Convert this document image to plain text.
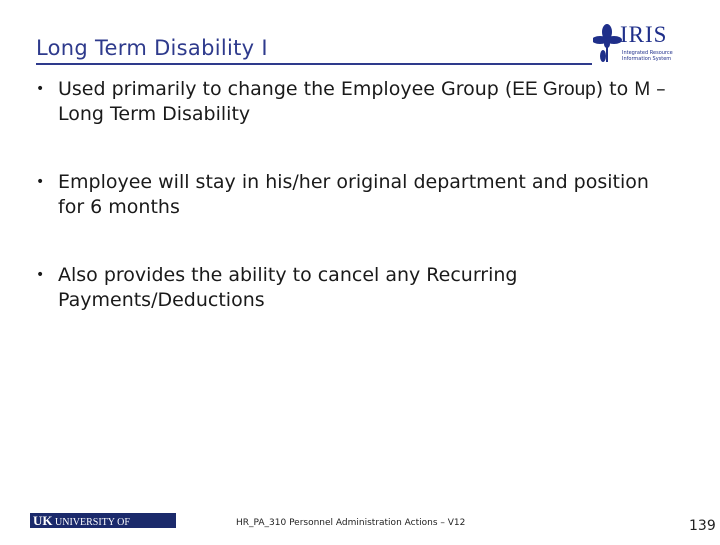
Long Term Disability I
IRIS
Integrated Resource Information System
• Used primarily to change the Employee Group (EE Group) to M – Long Term Disability
• Employee will stay in his/her original department and position for 6 months
• Also provides the ability to cancel any Recurring Payments/Deductions
UK UNIVERSITY OF KENTUCKY
HR_PA_310 Personnel Administration Actions – V12	139
